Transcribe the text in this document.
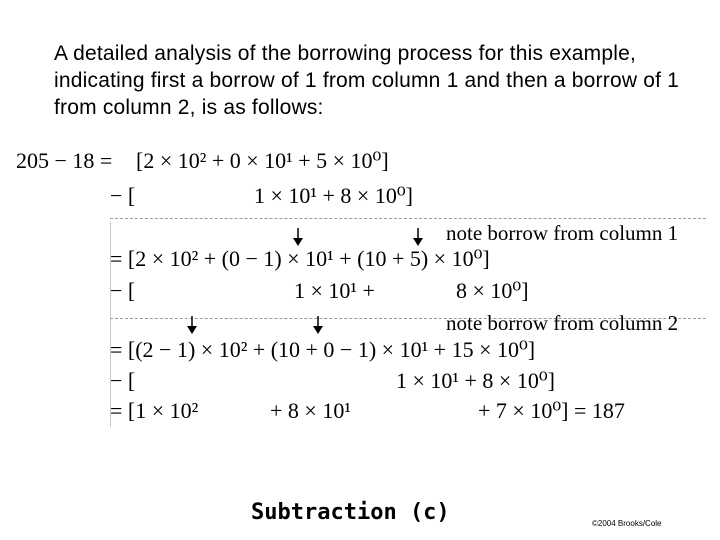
A detailed analysis of the borrowing process for this example, indicating first a borrow of 1 from column 1 and then a borrow of 1 from column 2, is as follows:
205 − 18 = [2 × 10² + 0 × 10¹ + 5 × 10⁰]
− [	1 × 10¹ + 8 × 10⁰]
note borrow from column 1
= [2 × 10² + (0 − 1) × 10¹ + (10 + 5) × 10⁰]
− [	1 × 10¹ +	8 × 10⁰]
note borrow from column 2
= [(2 − 1) × 10² + (10 + 0 − 1) × 10¹ + 15 × 10⁰]
− [	1 × 10¹ + 8 × 10⁰]
= [1 × 10²	+ 8 × 10¹	+ 7 × 10⁰] = 187
Subtraction (c)	©2004 Brooks/Cole
